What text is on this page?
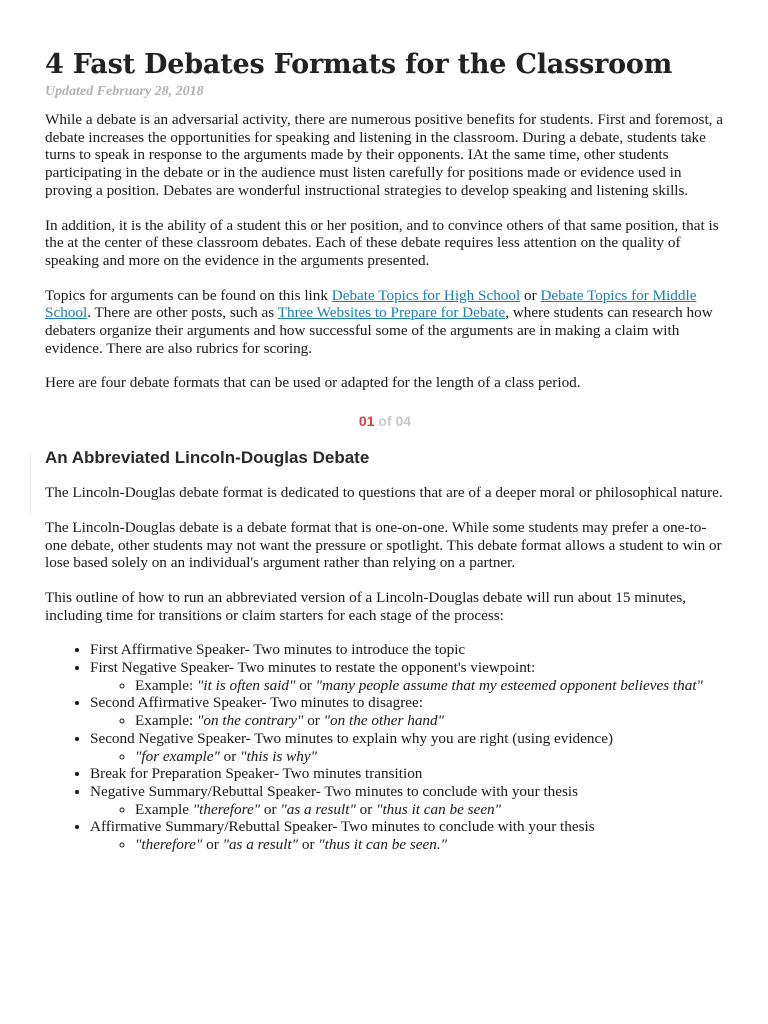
4 Fast Debates Formats for the Classroom
Updated February 28, 2018

While a debate is an adversarial activity, there are numerous positive benefits for students. First and foremost, a debate increases the opportunities for speaking and listening in the classroom. During a debate, students take turns to speak in response to the arguments made by their opponents. IAt the same time, other students participating in the debate or in the audience must listen carefully for positions made or evidence used in proving a position. Debates are wonderful instructional strategies to develop speaking and listening skills.

In addition, it is the ability of a student this or her position, and to convince others of that same position, that is the at the center of these classroom debates. Each of these debate requires less attention on the quality of speaking and more on the evidence in the arguments presented.

Topics for arguments can be found on this link Debate Topics for High School or Debate Topics for Middle School. There are other posts, such as Three Websites to Prepare for Debate, where students can research how debaters organize their arguments and how successful some of the arguments are in making a claim with evidence. There are also rubrics for scoring.

Here are four debate formats that can be used or adapted for the length of a class period.

01 of 04
An Abbreviated Lincoln-Douglas Debate

The Lincoln-Douglas debate format is dedicated to questions that are of a deeper moral or philosophical nature.

The Lincoln-Douglas debate is a debate format that is one-on-one. While some students may prefer a one-to-one debate, other students may not want the pressure or spotlight. This debate format allows a student to win or lose based solely on an individual's argument rather than relying on a partner.

This outline of how to run an abbreviated version of a Lincoln-Douglas debate will run about 15 minutes, including time for transitions or claim starters for each stage of the process:

• First Affirmative Speaker- Two minutes to introduce the topic
• First Negative Speaker- Two minutes to restate the opponent's viewpoint:
◦ Example: "it is often said" or "many people assume that my esteemed opponent believes that"
• Second Affirmative Speaker- Two minutes to disagree:
◦ Example: "on the contrary" or "on the other hand"
• Second Negative Speaker- Two minutes to explain why you are right (using evidence)
◦ "for example" or "this is why"
• Break for Preparation Speaker- Two minutes transition
• Negative Summary/Rebuttal Speaker- Two minutes to conclude with your thesis
◦ Example "therefore" or "as a result" or "thus it can be seen"
• Affirmative Summary/Rebuttal Speaker- Two minutes to conclude with your thesis
◦ "therefore" or "as a result" or "thus it can be seen."
